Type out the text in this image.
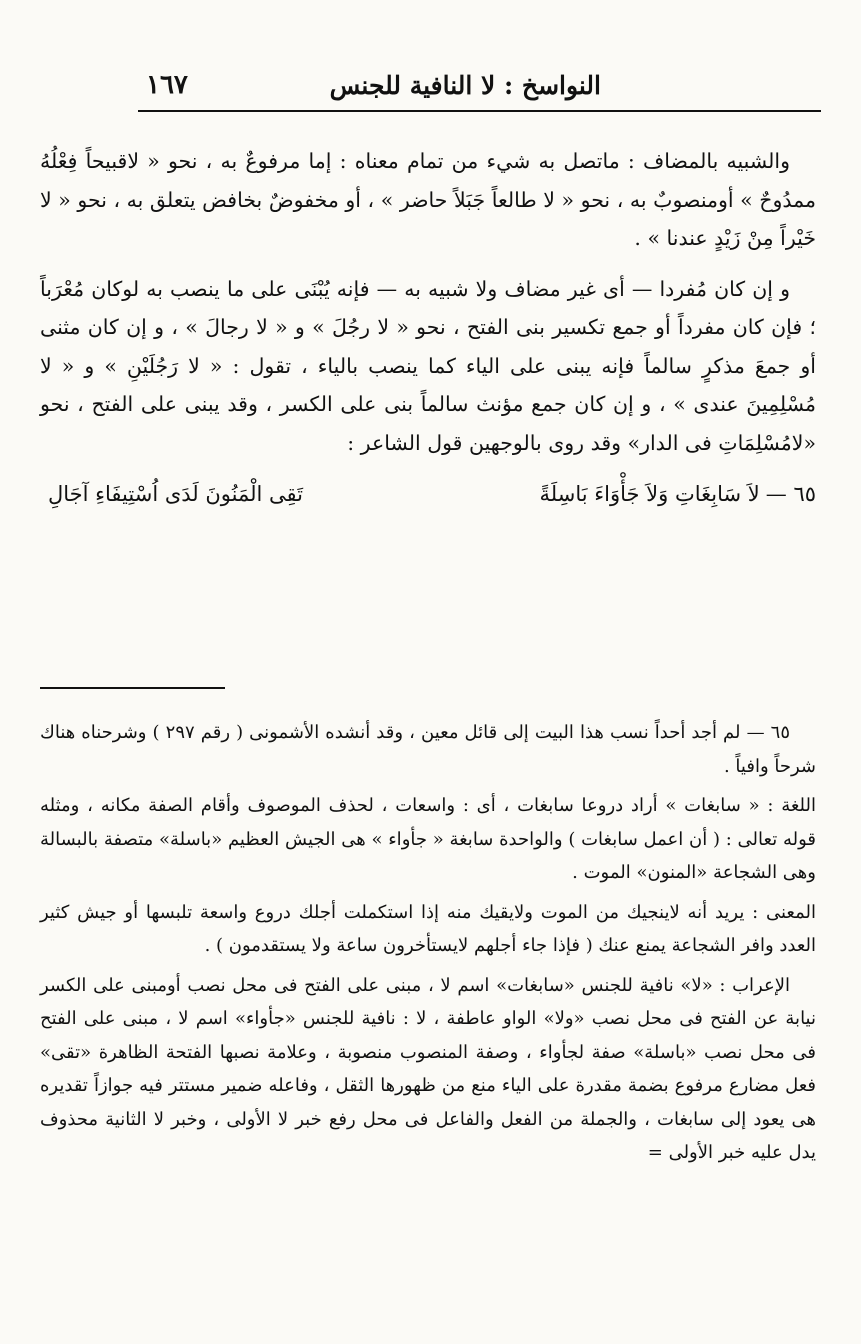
النواسخ : لا النافية للجنس
١٦٧

والشبيه بالمضاف : ماتصل به شيء من تمام معناه : إما مرفوعٌ به ، نحو « لاقبيحاً فِعْلُهُ ممدُوحٌ » أومنصوبٌ به ، نحو « لا طالعاً جَبَلاً حاضر » ، أو مخفوضٌ بخافض يتعلق به ، نحو « لا خَيْراً مِنْ زَيْدٍ عندنا » .

و إن كان مُفردا — أى غير مضاف ولا شبيه به — فإنه يُبْنَى على ما ينصب به لوكان مُعْرَباً ؛ فإن كان مفرداً أو جمع تكسير بنى الفتح ، نحو « لا رجُلَ » و « لا رجالَ » ، و إن كان مثنى أو جمعَ مذكرٍ سالماً فإنه يبنى على الياء كما ينصب بالياء ، تقول : « لا رَجُلَيْنِ » و « لا مُسْلِمِينَ عندى » ، و إن كان جمع مؤنث سالماً بنى على الكسر ، وقد يبنى على الفتح ، نحو «لامُسْلِمَاتِ فى الدار» وقد روى بالوجهين قول الشاعر :

٦٥ —
لاَ سَابِغَاتِ وَلاَ جَأْوَاءَ بَاسِلَةً
تَقِى الْمَنُونَ لَدَى اُسْتِيفَاءِ آجَالِ

٦٥ — لم أجد أحداً نسب هذا البيت إلى قائل معين ، وقد أنشده الأشمونى ( رقم ٢٩٧ ) وشرحناه هناك شرحاً وافياً .

اللغة : « سابغات » أراد دروعا سابغات ، أى : واسعات ، لحذف الموصوف وأقام الصفة مكانه ، ومثله قوله تعالى : ( أن اعمل سابغات ) والواحدة سابغة « جأواء » هى الجيش العظيم «باسلة» متصفة بالبسالة وهى الشجاعة «المنون» الموت .

المعنى : يريد أنه لاينجيك من الموت ولايقيك منه إذا استكملت أجلك دروع واسعة تلبسها أو جيش كثير العدد وافر الشجاعة يمنع عنك ( فإذا جاء أجلهم لايستأخرون ساعة ولا يستقدمون ) .

الإعراب : «لا» نافية للجنس «سابغات» اسم لا ، مبنى على الفتح فى محل نصب أومبنى على الكسر نيابة عن الفتح فى محل نصب «ولا» الواو عاطفة ، لا : نافية للجنس «جأواء» اسم لا ، مبنى على الفتح فى محل نصب «باسلة» صفة لجأواء ، وصفة المنصوب منصوبة ، وعلامة نصبها الفتحة الظاهرة «تقى» فعل مضارع مرفوع بضمة مقدرة على الياء منع من ظهورها الثقل ، وفاعله ضمير مستتر فيه جوازاً تقديره هى يعود إلى سابغات ، والجملة من الفعل والفاعل فى محل رفع خبر لا الأولى ، وخبر لا الثانية محذوف يدل عليه خبر الأولى =
